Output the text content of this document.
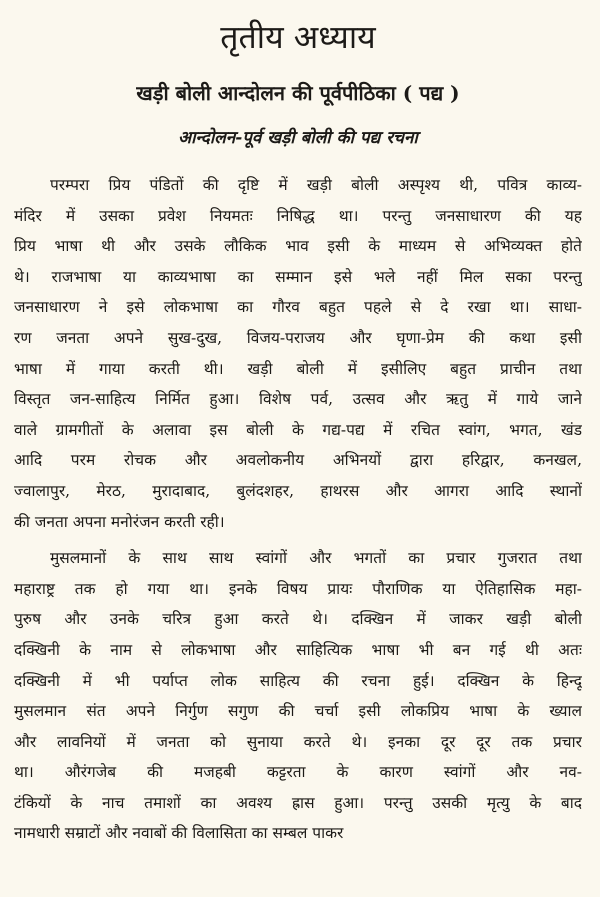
तृतीय अध्याय
खड़ी बोली आन्दोलन की पूर्वपीठिका ( पद्य )
आन्दोलन-पूर्व खड़ी बोली की पद्य रचना
परम्परा प्रिय पंडितों की दृष्टि में खड़ी बोली अस्पृश्य थी, पवित्र काव्य-
मंदिर में उसका प्रवेश नियमतः निषिद्ध था। परन्तु जनसाधारण की यह
प्रिय भाषा थी और उसके लौकिक भाव इसी के माध्यम से अभिव्यक्त होते
थे। राजभाषा या काव्यभाषा का सम्मान इसे भले नहीं मिल सका परन्तु
जनसाधारण ने इसे लोकभाषा का गौरव बहुत पहले से दे रखा था। साधा-
रण जनता अपने सुख-दुख, विजय-पराजय और घृणा-प्रेम की कथा इसी
भाषा में गाया करती थी। खड़ी बोली में इसीलिए बहुत प्राचीन तथा
विस्तृत जन-साहित्य निर्मित हुआ। विशेष पर्व, उत्सव और ऋतु में गाये जाने
वाले ग्रामगीतों के अलावा इस बोली के गद्य-पद्य में रचित स्वांग, भगत, खंड
आदि परम रोचक और अवलोकनीय अभिनयों द्वारा हरिद्वार, कनखल,
ज्वालापुर, मेरठ, मुरादाबाद, बुलंदशहर, हाथरस और आगरा आदि स्थानों
की जनता अपना मनोरंजन करती रही।
मुसलमानों के साथ साथ स्वांगों और भगतों का प्रचार गुजरात तथा
महाराष्ट्र तक हो गया था। इनके विषय प्रायः पौराणिक या ऐतिहासिक महा-
पुरुष और उनके चरित्र हुआ करते थे। दक्खिन में जाकर खड़ी बोली
दक्खिनी के नाम से लोकभाषा और साहित्यिक भाषा भी बन गई थी अतः
दक्खिनी में भी पर्याप्त लोक साहित्य की रचना हुई। दक्खिन के हिन्दू
मुसलमान संत अपने निर्गुण सगुण की चर्चा इसी लोकप्रिय भाषा के ख्याल
और लावनियों में जनता को सुनाया करते थे। इनका दूर दूर तक प्रचार
था। औरंगजेब की मजहबी कट्टरता के कारण स्वांगों और नव-
टंकियों के नाच तमाशों का अवश्य ह्रास हुआ। परन्तु उसकी मृत्यु के बाद
नामधारी सम्राटों और नवाबों की विलासिता का सम्बल पाकर
